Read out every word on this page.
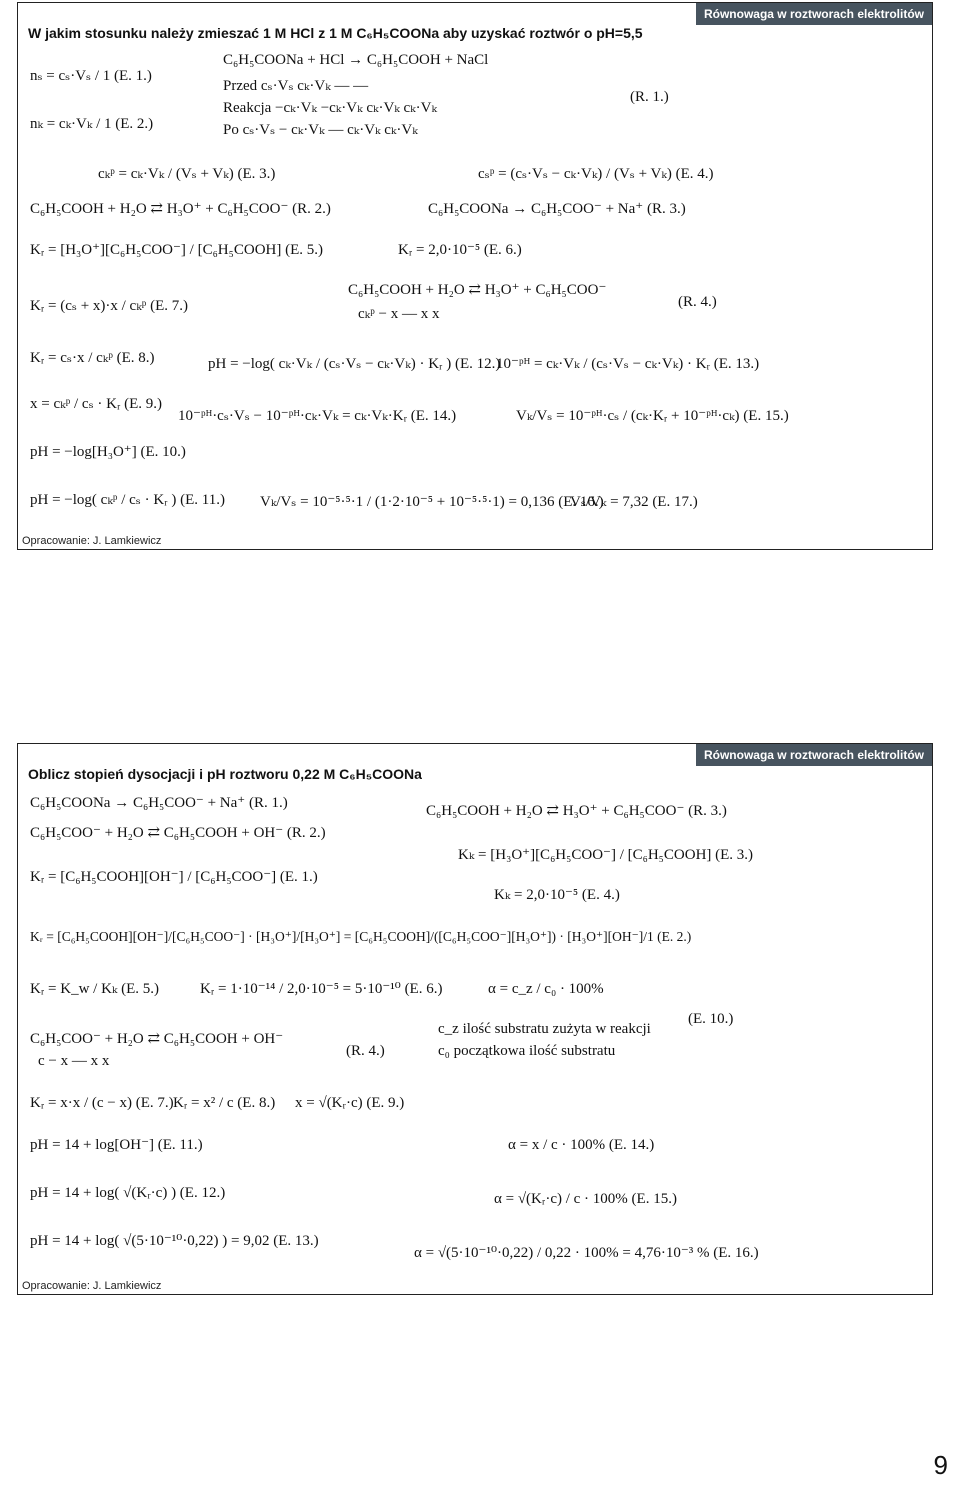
W jakim stosunku należy zmieszać 1 M HCl z 1 M C₆H₅COONa aby uzyskać roztwór o pH=5,5
Równowaga w roztworach elektrolitów
nₛ = cₛ·Vₛ / 1 (E. 1.)
nₖ = cₖ·Vₖ / 1 (E. 2.)
C₆H₅COONa + HCl → C₆H₅COOH + NaCl
Przed cₛ·Vₛ cₖ·Vₖ — —
Reakcja −cₖ·Vₖ −cₖ·Vₖ cₖ·Vₖ cₖ·Vₖ
Po cₛ·Vₛ − cₖ·Vₖ — cₖ·Vₖ cₖ·Vₖ
(R. 1.)
cₖᵖ = cₖ·Vₖ / (Vₛ + Vₖ) (E. 3.)	cₛᵖ = (cₛ·Vₛ − cₖ·Vₖ) / (Vₛ + Vₖ) (E. 4.)
C₆H₅COOH + H₂O ⇄ H₃O⁺ + C₆H₅COO⁻ (R. 2.)	C₆H₅COONa → C₆H₅COO⁻ + Na⁺ (R. 3.)
Kᵣ = [H₃O⁺][C₆H₅COO⁻] / [C₆H₅COOH] (E. 5.)	Kᵣ = 2,0·10⁻⁵ (E. 6.)
Kᵣ = (cₛ + x)·x / cₖᵖ (E. 7.)
C₆H₅COOH + H₂O ⇄ H₃O⁺ + C₆H₅COO⁻
cₖᵖ − x — x x
(R. 4.)
Kᵣ = cₛ·x / cₖᵖ (E. 8.)
x = cₖᵖ / cₛ · Kᵣ (E. 9.)
pH = −log[H₃O⁺] (E. 10.)
pH = −log( cₖᵖ / cₛ · Kᵣ ) (E. 11.)
pH = −log( cₖ·Vₖ / (cₛ·Vₛ − cₖ·Vₖ) · Kᵣ ) (E. 12.)
10⁻ᵖᴴ = cₖ·Vₖ / (cₛ·Vₛ − cₖ·Vₖ) · Kᵣ (E. 13.)
10⁻ᵖᴴ·cₛ·Vₛ − 10⁻ᵖᴴ·cₖ·Vₖ = cₖ·Vₖ·Kᵣ (E. 14.)	Vₖ/Vₛ = 10⁻ᵖᴴ·cₛ / (cₖ·Kᵣ + 10⁻ᵖᴴ·cₖ) (E. 15.)
Vₖ/Vₛ = 10⁻⁵·⁵·1 / (1·2·10⁻⁵ + 10⁻⁵·⁵·1) = 0,136 (E. 16.)
Vₛ/Vₖ = 7,32 (E. 17.)
Opracowanie: J. Lamkiewicz
Oblicz stopień dysocjacji i pH roztworu 0,22 M C₆H₅COONa
Równowaga w roztworach elektrolitów
C₆H₅COONa → C₆H₅COO⁻ + Na⁺ (R. 1.)	C₆H₅COOH + H₂O ⇄ H₃O⁺ + C₆H₅COO⁻ (R. 3.)
C₆H₅COO⁻ + H₂O ⇄ C₆H₅COOH + OH⁻ (R. 2.)
Kᵣ = [C₆H₅COOH][OH⁻] / [C₆H₅COO⁻] (E. 1.)
Kₖ = [H₃O⁺][C₆H₅COO⁻] / [C₆H₅COOH] (E. 3.)
Kₖ = 2,0·10⁻⁵ (E. 4.)
Kᵣ = [C₆H₅COOH][OH⁻]/[C₆H₅COO⁻] · [H₃O⁺]/[H₃O⁺] = [C₆H₅COOH]/([C₆H₅COO⁻][H₃O⁺]) · [H₃O⁺][OH⁻]/1 (E. 2.)
Kᵣ = K_w / Kₖ (E. 5.)	Kᵣ = 1·10⁻¹⁴ / 2,0·10⁻⁵ = 5·10⁻¹⁰ (E. 6.)	α = c_z / c₀ · 100%
c_z ilość substratu zużyta w reakcji
c₀ początkowa ilość substratu
(E. 10.)
C₆H₅COO⁻ + H₂O ⇄ C₆H₅COOH + OH⁻
c − x — x x
(R. 4.)
Kᵣ = x·x / (c − x) (E. 7.) Kᵣ = x² / c (E. 8.) x = √(Kᵣ·c) (E. 9.)
pH = 14 + log[OH⁻] (E. 11.)	α = x / c · 100% (E. 14.)
pH = 14 + log( √(Kᵣ·c) ) (E. 12.)	α = √(Kᵣ·c) / c · 100% (E. 15.)
pH = 14 + log( √(5·10⁻¹⁰·0,22) ) = 9,02 (E. 13.)
α = √(5·10⁻¹⁰·0,22) / 0,22 · 100% = 4,76·10⁻³ % (E. 16.)
Opracowanie: J. Lamkiewicz
9
